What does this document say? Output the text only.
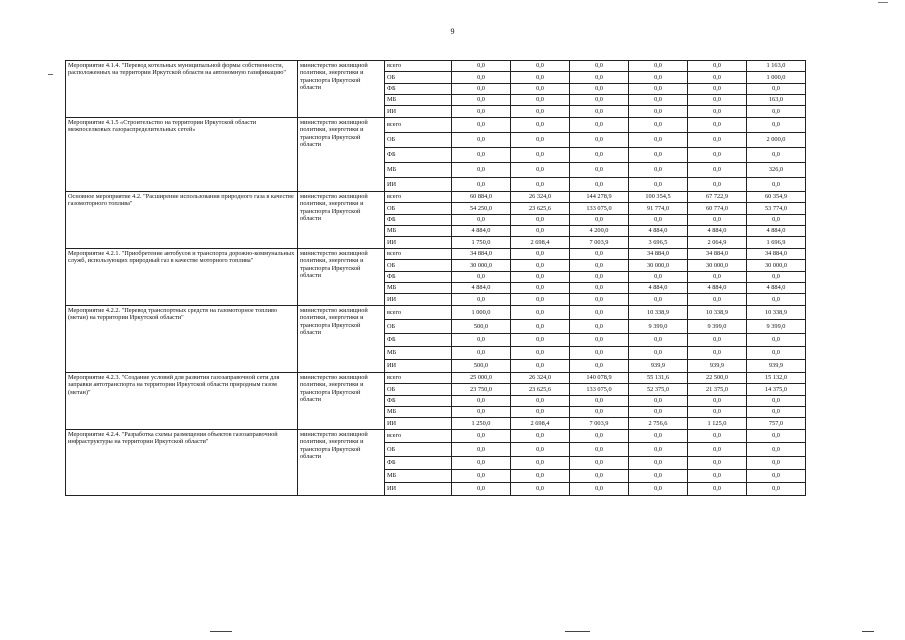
9
Мероприятие 4.1.4. "Перевод котельных муниципальной формы собственности, расположенных на территории Иркутской области на автономную газификацию"	министерство жилищной политики, энергетики и транспорта Иркутской области	всего	0,0	0,0	0,0	0,0	0,0	1 163,0
		ОБ	0,0	0,0	0,0	0,0	0,0	1 000,0
		ФБ	0,0	0,0	0,0	0,0	0,0	0,0
		МБ	0,0	0,0	0,0	0,0	0,0	163,0
		ИИ	0,0	0,0	0,0	0,0	0,0	0,0
Мероприятие 4.1.5 «Строительство на территории Иркутской области межпоселковых газораспределительных сетей»	министерство жилищной политики, энергетики и транспорта Иркутской области	всего	0,0	0,0	0,0	0,0	0,0	0,0
		ОБ	0,0	0,0	0,0	0,0	0,0	2 000,0
		ФБ	0,0	0,0	0,0	0,0	0,0	0,0
		МБ	0,0	0,0	0,0	0,0	0,0	326,0
		ИИ	0,0	0,0	0,0	0,0	0,0	0,0
Основное мероприятие 4.2. "Расширение использования природного газа в качестве газомоторного топлива"	министерство жилищной политики, энергетики и транспорта Иркутской области	всего	60 884,0	26 324,0	144 278,9	100 354,5	67 722,9	60 354,9
		ОБ	54 250,0	23 625,6	133 075,0	91 774,0	60 774,0	53 774,0
		ФБ	0,0	0,0	0,0	0,0	0,0	0,0
		МБ	4 884,0	0,0	4 200,0	4 884,0	4 884,0	4 884,0
		ИИ	1 750,0	2 698,4	7 003,9	3 696,5	2 064,9	1 696,9
Мероприятие 4.2.1. "Приобретение автобусов и транспорта дорожно-коммунальных служб, использующих природный газ в качестве моторного топлива"	министерство жилищной политики, энергетики и транспорта Иркутской области	всего	34 884,0	0,0	0,0	34 884,0	34 884,0	34 884,0
		ОБ	30 000,0	0,0	0,0	30 000,0	30 000,0	30 000,0
		ФБ	0,0	0,0	0,0	0,0	0,0	0,0
		МБ	4 884,0	0,0	0,0	4 884,0	4 884,0	4 884,0
		ИИ	0,0	0,0	0,0	0,0	0,0	0,0
Мероприятие 4.2.2. "Перевод транспортных средств на газомоторное топливо (метан) на территории Иркутской области"	министерство жилищной политики, энергетики и транспорта Иркутской области	всего	1 000,0	0,0	0,0	10 338,9	10 338,9	10 338,9
		ОБ	500,0	0,0	0,0	9 399,0	9 399,0	9 399,0
		ФБ	0,0	0,0	0,0	0,0	0,0	0,0
		МБ	0,0	0,0	0,0	0,0	0,0	0,0
		ИИ	500,0	0,0	0,0	939,9	939,9	939,9
Мероприятие 4.2.3. "Создание условий для развития газозаправочной сети для заправки автотранспорта на территории Иркутской области природным газом (метан)"	министерство жилищной политики, энергетики и транспорта Иркутской области	всего	25 000,0	26 324,0	140 078,9	55 131,6	22 500,0	15 132,0
		ОБ	23 750,0	23 625,6	133 075,0	52 375,0	21 375,0	14 375,0
		ФБ	0,0	0,0	0,0	0,0	0,0	0,0
		МБ	0,0	0,0	0,0	0,0	0,0	0,0
		ИИ	1 250,0	2 698,4	7 003,9	2 756,6	1 125,0	757,0
Мероприятие 4.2.4. "Разработка схемы размещения объектов газозаправочной инфраструктуры на территории Иркутской области"	министерство жилищной политики, энергетики и транспорта Иркутской области	всего	0,0	0,0	0,0	0,0	0,0	0,0
		ОБ	0,0	0,0	0,0	0,0	0,0	0,0
		ФБ	0,0	0,0	0,0	0,0	0,0	0,0
		МБ	0,0	0,0	0,0	0,0	0,0	0,0
		ИИ	0,0	0,0	0,0	0,0	0,0	0,0
